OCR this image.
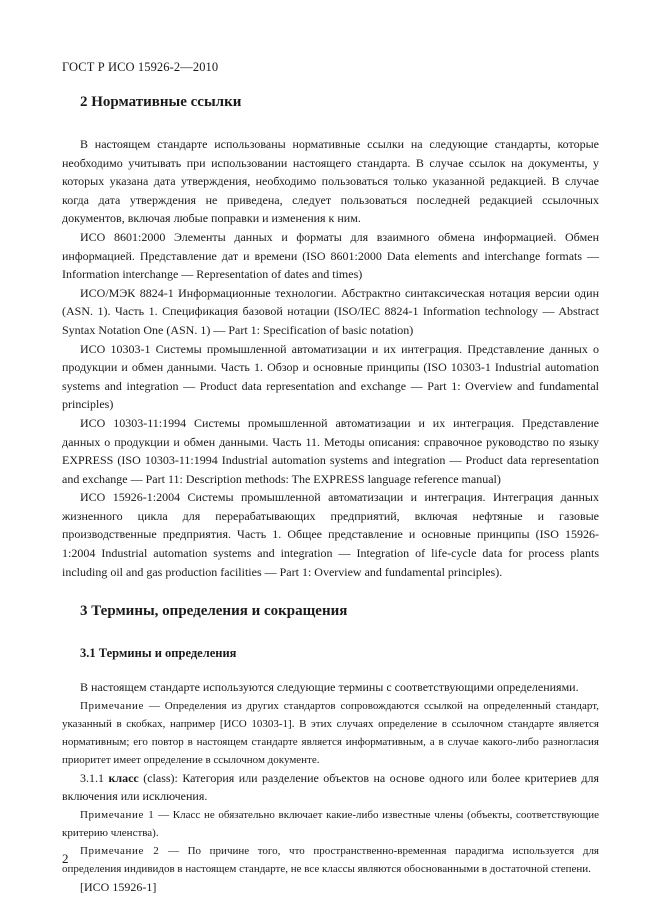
ГОСТ Р ИСО 15926-2—2010
2 Нормативные ссылки

В настоящем стандарте использованы нормативные ссылки на следующие стандарты, которые необходимо учитывать при использовании настоящего стандарта. В случае ссылок на документы, у которых указана дата утверждения, необходимо пользоваться только указанной редакцией. В случае когда дата утверждения не приведена, следует пользоваться последней редакцией ссылочных документов, включая любые поправки и изменения к ним.

ИСО 8601:2000 Элементы данных и форматы для взаимного обмена информацией. Обмен информацией. Представление дат и времени (ISO 8601:2000 Data elements and interchange formats — Information interchange — Representation of dates and times)

ИСО/МЭК 8824-1 Информационные технологии. Абстрактно синтаксическая нотация версии один (ASN. 1). Часть 1. Спецификация базовой нотации (ISO/IEC 8824-1 Information technology — Abstract Syntax Notation One (ASN. 1) — Part 1: Specification of basic notation)

ИСО 10303-1 Системы промышленной автоматизации и их интеграция. Представление данных о продукции и обмен данными. Часть 1. Обзор и основные принципы (ISO 10303-1 Industrial automation systems and integration — Product data representation and exchange — Part 1: Overview and fundamental principles)

ИСО 10303-11:1994 Системы промышленной автоматизации и их интеграция. Представление данных о продукции и обмен данными. Часть 11. Методы описания: справочное руководство по языку EXPRESS (ISO 10303-11:1994 Industrial automation systems and integration — Product data representation and exchange — Part 11: Description methods: The EXPRESS language reference manual)

ИСО 15926-1:2004 Системы промышленной автоматизации и интеграция. Интеграция данных жизненного цикла для перерабатывающих предприятий, включая нефтяные и газовые производственные предприятия. Часть 1. Общее представление и основные принципы (ISO 15926-1:2004 Industrial automation systems and integration — Integration of life-cycle data for process plants including oil and gas production facilities — Part 1: Overview and fundamental principles).

3 Термины, определения и сокращения
3.1 Термины и определения

В настоящем стандарте используются следующие термины с соответствующими определениями.

Примечание — Определения из других стандартов сопровождаются ссылкой на определенный стандарт, указанный в скобках, например [ИСО 10303-1]. В этих случаях определение в ссылочном стандарте является нормативным; его повтор в настоящем стандарте является информативным, а в случае какого-либо разногласия приоритет имеет определение в ссылочном документе.

3.1.1 класс (class): Категория или разделение объектов на основе одного или более критериев для включения или исключения.

Примечание 1 — Класс не обязательно включает какие-либо известные члены (объекты, соответствующие критерию членства).

Примечание 2 — По причине того, что пространственно-временная парадигма используется для определения индивидов в настоящем стандарте, не все классы являются обоснованными в достаточной степени.

[ИСО 15926-1]

2
